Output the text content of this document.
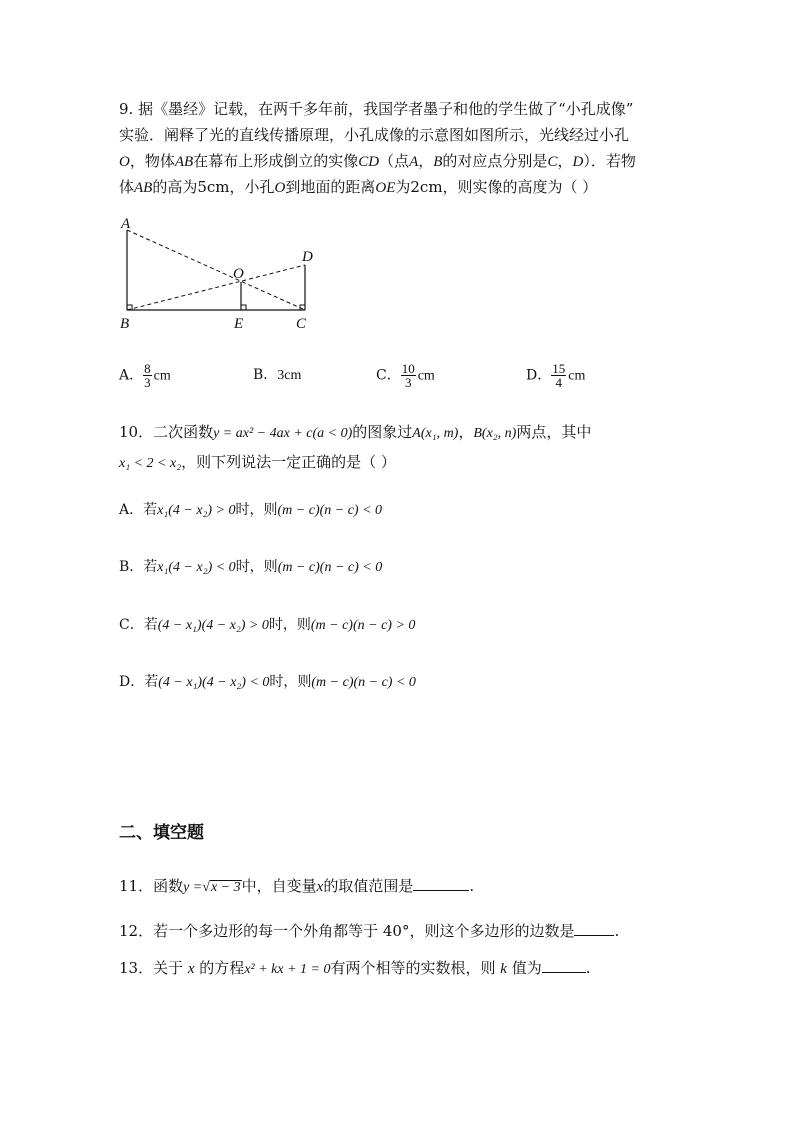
9. 据《墨经》记载，在两千多年前，我国学者墨子和他的学生做了“小孔成像”
实验．阐释了光的直线传播原理，小孔成像的示意图如图所示，光线经过小孔
O，物体AB在幕布上形成倒立的实像CD（点A，B的对应点分别是C，D）．若物
体AB的高为5cm，小孔O到地面的距离OE为2cm，则实像的高度为（ ）
A
B	E	C
D
O
A． $\frac{8}{3}$ cm	B．3cm	C． $\frac{10}{3}$ cm	D． $\frac{15}{4}$ cm
10．二次函数y = ax² − 4ax + c(a < 0)的图象过A(x₁, m)，B(x₂, n)两点，其中
x₁ < 2 < x₂，则下列说法一定正确的是（ ）
A．若x₁(4 − x₂) > 0时，则(m − c)(n − c) < 0
B．若x₁(4 − x₂) < 0时，则(m − c)(n − c) < 0
C．若(4 − x₁)(4 − x₂) > 0时，则(m − c)(n − c) > 0
D．若(4 − x₁)(4 − x₂) < 0时，则(m − c)(n − c) < 0
二、填空题
11．函数y =√x − 3中，自变量x的取值范围是	.
12．若一个多边形的每一个外角都等于 40°，则这个多边形的边数是	.
13．关于 x 的方程x² + kx + 1 = 0有两个相等的实数根，则 k 值为	.
